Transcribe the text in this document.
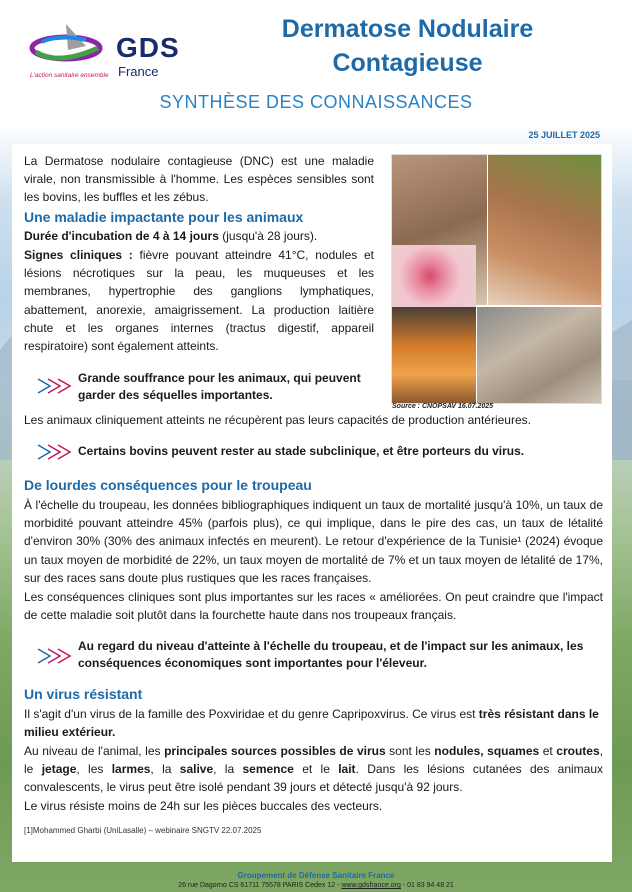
GDS
France
L'action sanitaire ensemble
Dermatose Nodulaire
Contagieuse
SYNTHÈSE DES CONNAISSANCES
25 JUILLET 2025
Source : CNOPSAV 16.07.2025

La Dermatose nodulaire contagieuse (DNC) est une maladie virale, non transmissible à l'homme. Les espèces sensibles sont les bovins, les buffles et les zébus.

Une maladie impactante pour les animaux

Durée d'incubation de 4 à 14 jours (jusqu'à 28 jours).

Signes cliniques : fièvre pouvant atteindre 41°C, nodules et lésions nécrotiques sur la peau, les muqueuses et les membranes, hypertrophie des ganglions lymphatiques, abattement, anorexie, amaigrissement. La production laitière chute et les organes internes (tractus digestif, appareil respiratoire) sont également atteints.

Grande souffrance pour les animaux, qui peuvent garder des séquelles importantes.

Les animaux cliniquement atteints ne récupèrent pas leurs capacités de production antérieures.

Certains bovins peuvent rester au stade subclinique, et être porteurs du virus.

De lourdes conséquences pour le troupeau

À l'échelle du troupeau, les données bibliographiques indiquent un taux de mortalité jusqu'à 10%, un taux de morbidité pouvant atteindre 45% (parfois plus), ce qui implique, dans le pire des cas, un taux de létalité d'environ 30% (30% des animaux infectés en meurent). Le retour d'expérience de la Tunisie¹ (2024) évoque un taux moyen de morbidité de 22%, un taux moyen de mortalité de 7% et un taux moyen de létalité de 17%, sur des races sans doute plus rustiques que les races françaises.

Les conséquences cliniques sont plus importantes sur les races « améliorées. On peut craindre que l'impact de cette maladie soit plutôt dans la fourchette haute dans nos troupeaux français.

Au regard du niveau d'atteinte à l'échelle du troupeau, et de l'impact sur les animaux, les conséquences économiques sont importantes pour l'éleveur.

Un virus résistant

Il s'agit d'un virus de la famille des Poxviridae et du genre Capripoxvirus. Ce virus est très résistant dans le milieu extérieur.

Au niveau de l'animal, les principales sources possibles de virus sont les nodules, squames et croutes, le jetage, les larmes, la salive, la semence et le lait. Dans les lésions cutanées des animaux convalescents, le virus peut être isolé pendant 39 jours et détecté jusqu'à 92 jours.

Le virus résiste moins de 24h sur les pièces buccales des vecteurs.

[1]Mohammed Gharbi (UniLasalle) – webinaire SNGTV 22.07.2025
Groupement de Défense Sanitaire France
26 rue Dagorno CS 61711 75578 PARIS Cedex 12 - www.gdsfrance.org - 01 83 94 48 21
